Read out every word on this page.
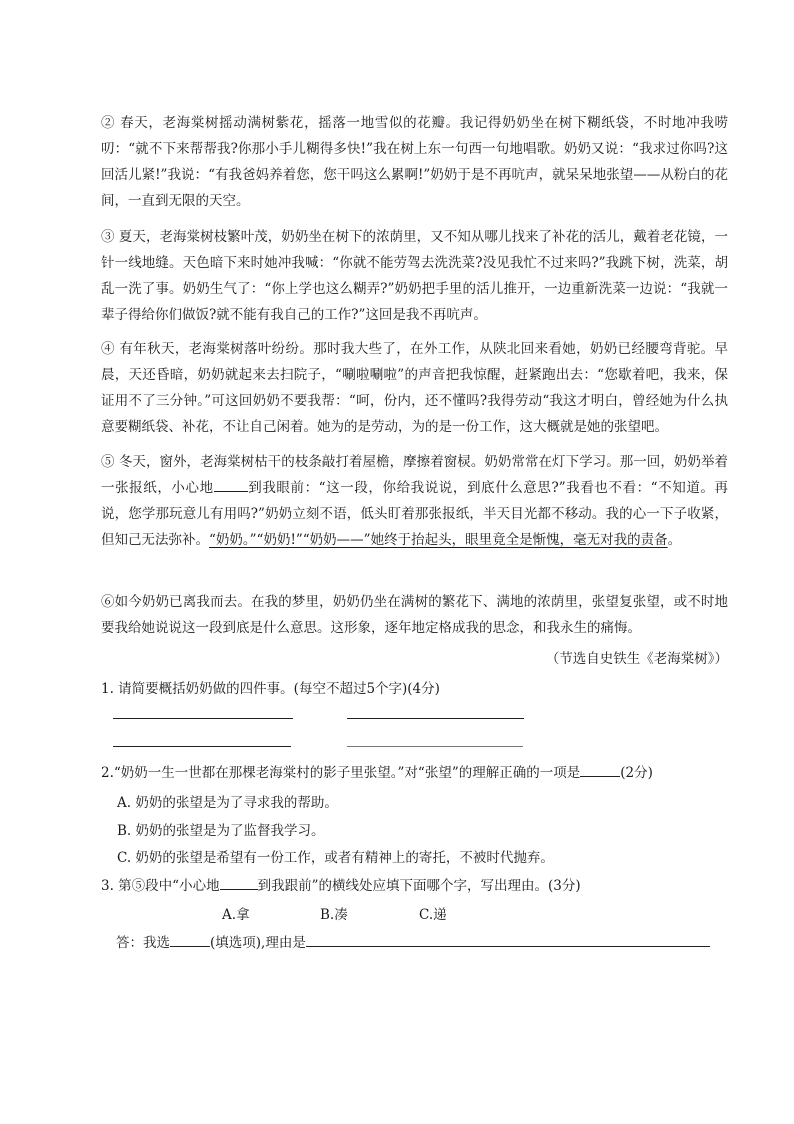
② 春天，老海棠树摇动满树紫花，摇落一地雪似的花瓣。我记得奶奶坐在树下糊纸袋，不时地冲我唠叨：“就不下来帮帮我?你那小手儿糊得多快!”我在树上东一句西一句地唱歌。奶奶又说：“我求过你吗?这回活儿紧!”我说：“有我爸妈养着您，您干吗这么累啊!”奶奶于是不再吭声，就呆呆地张望——从粉白的花间，一直到无限的天空。

③ 夏天，老海棠树枝繁叶茂，奶奶坐在树下的浓荫里，又不知从哪儿找来了补花的活儿，戴着老花镜，一针一线地缝。天色暗下来时她冲我喊：“你就不能劳驾去洗洗菜?没见我忙不过来吗?”我跳下树，洗菜，胡乱一洗了事。奶奶生气了：“你上学也这么糊弄?”奶奶把手里的活儿推开，一边重新洗菜一边说：“我就一辈子得给你们做饭?就不能有我自己的工作?”这回是我不再吭声。

④ 有年秋天，老海棠树落叶纷纷。那时我大些了，在外工作，从陕北回来看她，奶奶已经腰弯背驼。早晨，天还昏暗，奶奶就起来去扫院子，“唰啦唰啦”的声音把我惊醒，赶紧跑出去：“您歇着吧，我来，保证用不了三分钟。”可这回奶奶不要我帮：“呵，份内，还不懂吗?我得劳动“我这才明白，曾经她为什么执意要糊纸袋、补花，不让自己闲着。她为的是劳动，为的是一份工作，这大概就是她的张望吧。

⑤ 冬天，窗外，老海棠树枯干的枝条敲打着屋檐，摩擦着窗棂。奶奶常常在灯下学习。那一回，奶奶举着一张报纸，小心地	到我眼前：“这一段，你给我说说，到底什么意思?”我看也不看：“不知道。再说，您学那玩意儿有用吗?”奶奶立刻不语，低头盯着那张报纸，半天目光都不移动。我的心一下子收紧，但知己无法弥补。“奶奶。”“奶奶!”“奶奶——”她终于抬起头，眼里竟全是惭愧，毫无对我的责备。

⑥如今奶奶已离我而去。在我的梦里，奶奶仍坐在满树的繁花下、满地的浓荫里，张望复张望，或不时地要我给她说说这一段到底是什么意思。这形象，逐年地定格成我的思念，和我永生的痛悔。

（节选自史铁生《老海棠树》）

1. 请简要概括奶奶做的四件事。(每空不超过5个字)(4分)

2.“奶奶一生一世都在那棵老海棠村的影子里张望。”对“张望”的理解正确的一项是	(2分)

A. 奶奶的张望是为了寻求我的帮助。

B. 奶奶的张望是为了监督我学习。

C. 奶奶的张望是希望有一份工作，或者有精神上的寄托，不被时代抛弃。

3. 第⑤段中“小心地	到我跟前”的横线处应填下面哪个字，写出理由。(3分)

A.拿	B.凑	C.递

答：我选	(填选项),理由是
